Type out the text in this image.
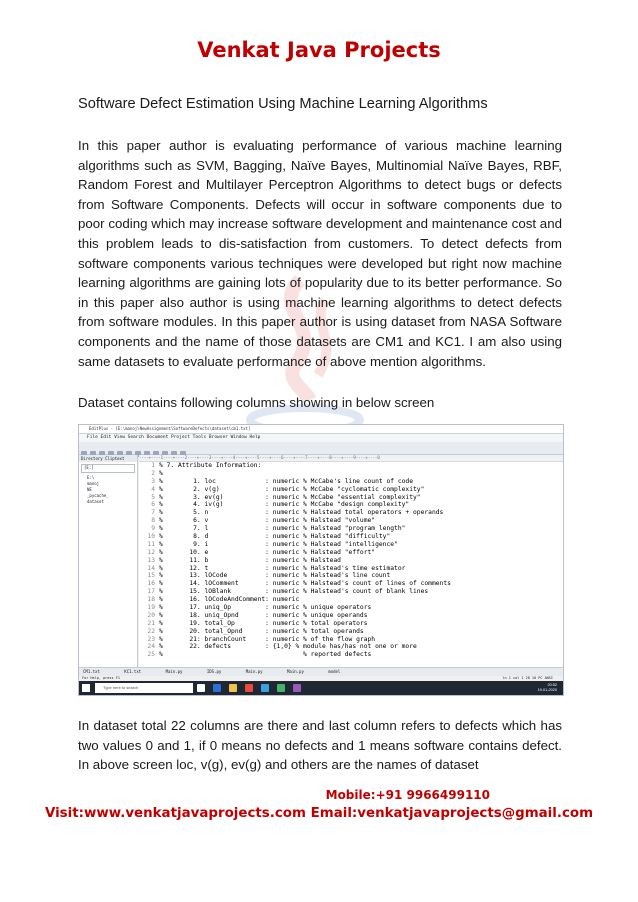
Venkat Java Projects
Software Defect Estimation Using Machine Learning Algorithms
In this paper author is evaluating performance of various machine learning algorithms such as SVM, Bagging, Naïve Bayes, Multinomial Naïve Bayes, RBF, Random Forest and Multilayer Perceptron Algorithms to detect bugs or defects from Software Components. Defects will occur in software components due to poor coding which may increase software development and maintenance cost and this problem leads to dis-satisfaction from customers. To detect defects from software components various techniques were developed but right now machine learning algorithms are gaining lots of popularity due to its better performance. So in this paper also author is using machine learning algorithms to detect defects from software modules. In this paper author is using dataset from NASA Software components and the name of those datasets are CM1 and KC1. I am also using same datasets to evaluate performance of above mention algorithms.
Dataset contains following columns showing in below screen
EditPlus - [E:\manoj\NewAssignment\SoftwareDefects\dataset\cm1.txt]
File Edit View Search Document Project Tools Browser Window Help
Directory Cliptext
[E:]
E:\
manoj
NE
_pycache_
dataset
----+----1----+----2----+----3----+----4----+----5----+----6----+----7----+----8----+----9----+----0
1 % 7. Attribute Information:
2 %
3 %        1. loc             : numeric % McCabe's line count of code
4 %        2. v(g)            : numeric % McCabe "cyclomatic complexity"
5 %        3. ev(g)           : numeric % McCabe "essential complexity"
6 %        4. iv(g)           : numeric % McCabe "design complexity"
7 %        5. n               : numeric % Halstead total operators + operands
8 %        6. v               : numeric % Halstead "volume"
9 %        7. l               : numeric % Halstead "program length"
10 %        8. d               : numeric % Halstead "difficulty"
11 %        9. i               : numeric % Halstead "intelligence"
12 %       10. e               : numeric % Halstead "effort"
13 %       11. b               : numeric % Halstead
14 %       12. t               : numeric % Halstead's time estimator
15 %       13. lOCode          : numeric % Halstead's line count
16 %       14. lOComment       : numeric % Halstead's count of lines of comments
17 %       15. lOBlank         : numeric % Halstead's count of blank lines
18 %       16. lOCodeAndComment: numeric
19 %       17. uniq_Op         : numeric % unique operators
20 %       18. uniq_Opnd       : numeric % unique operands
21 %       19. total_Op        : numeric % total operators
22 %       20. total_Opnd      : numeric % total operands
23 %       21: branchCount     : numeric % of the flow graph
24 %       22. defects         : {1,0} % module has/has not one or more
25 %                                     % reported defects
CM1.txt	KC1.txt	Main.py	IDS.py	Main.py	Main.py	model
For Help, press F1	ln 1 col 1 28 10 PC ANSI
Type here to search	20:52
19-01-2020
In dataset total 22 columns are there and last column refers to defects which has two values 0 and 1, if 0 means no defects and 1 means software contains defect. In above screen loc, v(g), ev(g) and others are the names of dataset
Mobile:+91 9966499110
Visit:www.venkatjavaprojects.com Email:venkatjavaprojects@gmail.com
